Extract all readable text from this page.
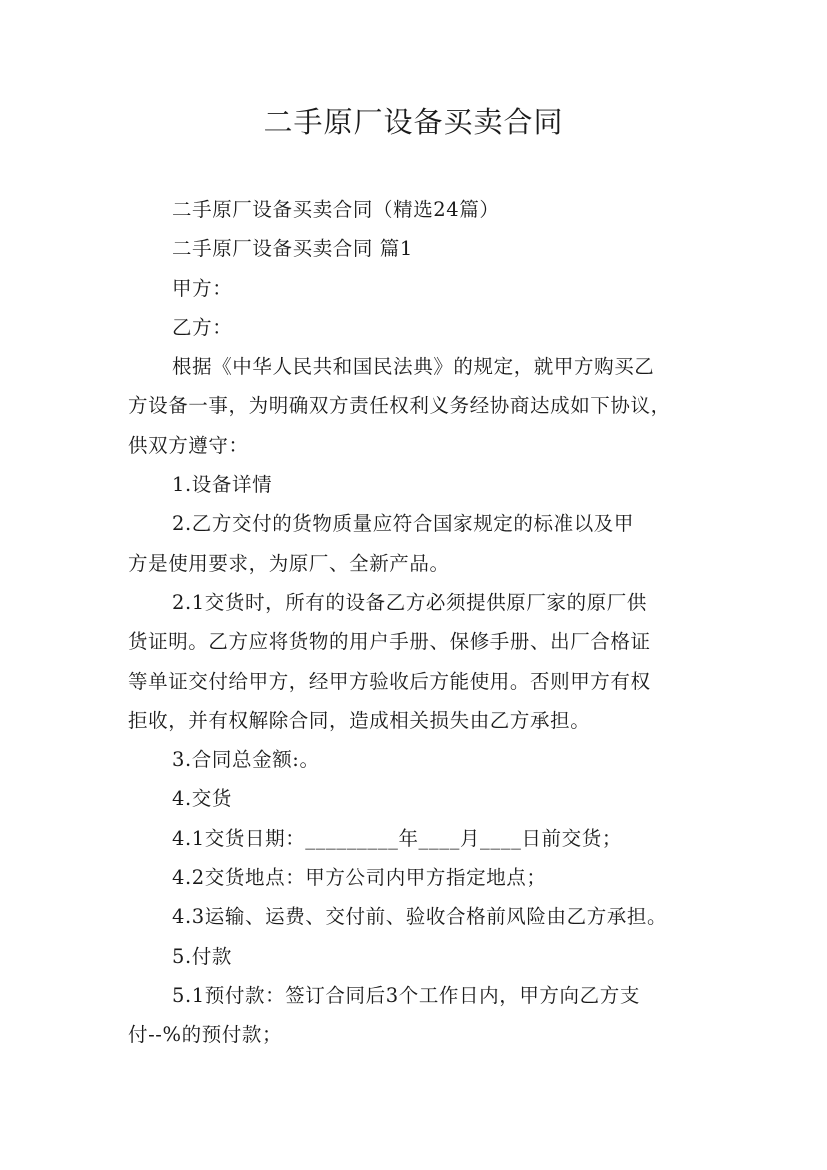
二手原厂设备买卖合同
二手原厂设备买卖合同（精选24篇）
二手原厂设备买卖合同 篇1
甲方：
乙方：
根据《中华人民共和国民法典》的规定，就甲方购买乙
方设备一事，为明确双方责任权利义务经协商达成如下协议，
供双方遵守：
1.设备详情
2.乙方交付的货物质量应符合国家规定的标准以及甲
方是使用要求，为原厂、全新产品。
2.1交货时，所有的设备乙方必须提供原厂家的原厂供
货证明。乙方应将货物的用户手册、保修手册、出厂合格证
等单证交付给甲方，经甲方验收后方能使用。否则甲方有权
拒收，并有权解除合同，造成相关损失由乙方承担。
3.合同总金额:。
4.交货
4.1交货日期：_________年____月____日前交货；
4.2交货地点：甲方公司内甲方指定地点；
4.3运输、运费、交付前、验收合格前风险由乙方承担。
5.付款
5.1预付款：签订合同后3个工作日内，甲方向乙方支
付--%的预付款；
